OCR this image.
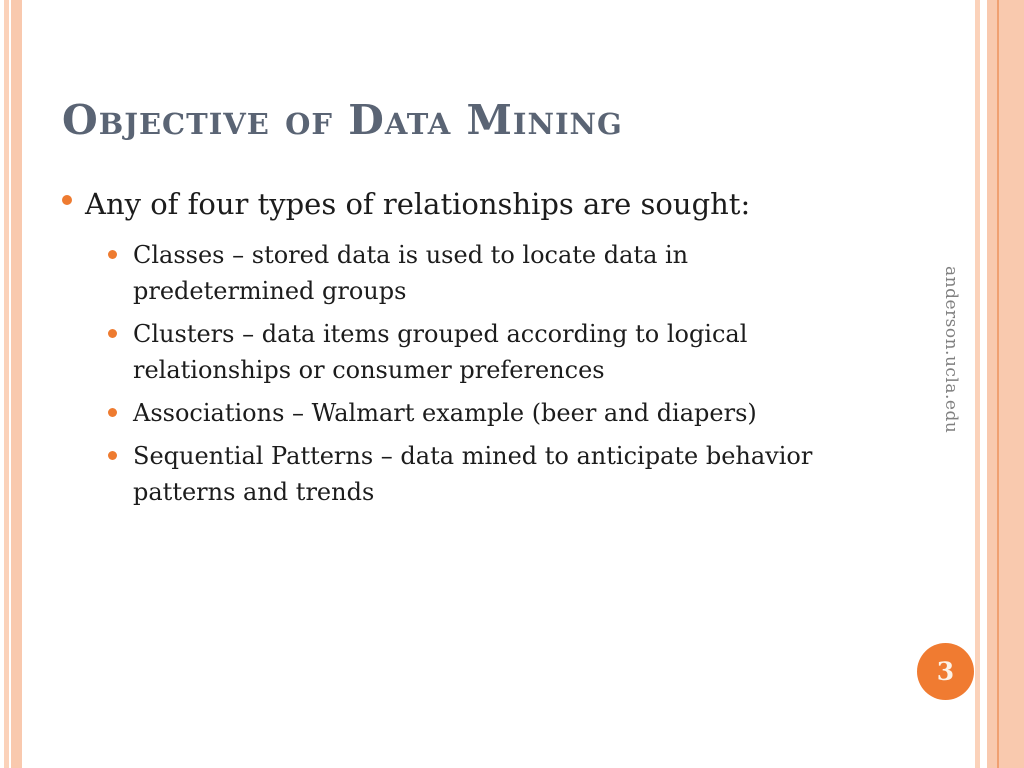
Objective of Data Mining
Any of four types of relationships are sought:
Classes – stored data is used to locate data in predetermined groups
Clusters – data items grouped according to logical relationships or consumer preferences
Associations – Walmart example (beer and diapers)
Sequential Patterns – data mined to anticipate behavior patterns and trends
anderson.ucla.edu
3
